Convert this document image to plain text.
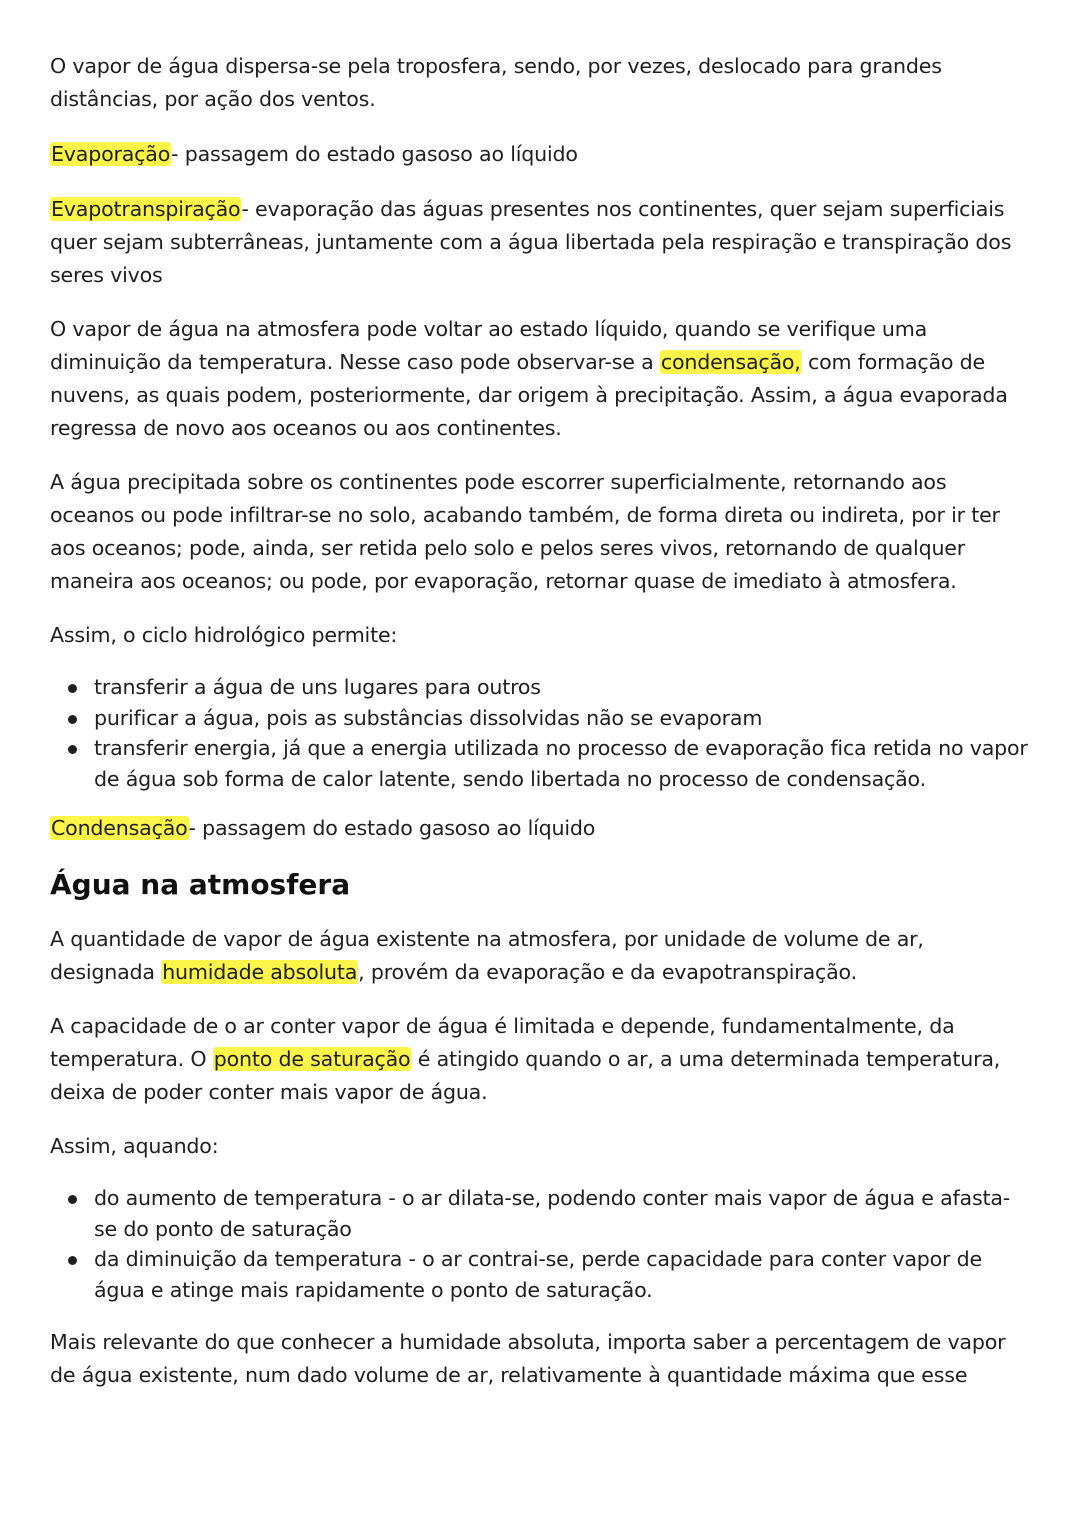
O vapor de água dispersa-se pela troposfera, sendo, por vezes, deslocado para grandes distâncias, por ação dos ventos.

Evaporação- passagem do estado gasoso ao líquido

Evapotranspiração- evaporação das águas presentes nos continentes, quer sejam superficiais quer sejam subterrâneas, juntamente com a água libertada pela respiração e transpiração dos seres vivos

O vapor de água na atmosfera pode voltar ao estado líquido, quando se verifique uma diminuição da temperatura. Nesse caso pode observar-se a condensação, com formação de nuvens, as quais podem, posteriormente, dar origem à precipitação. Assim, a água evaporada regressa de novo aos oceanos ou aos continentes.

A água precipitada sobre os continentes pode escorrer superficialmente, retornando aos oceanos ou pode infiltrar-se no solo, acabando também, de forma direta ou indireta, por ir ter aos oceanos; pode, ainda, ser retida pelo solo e pelos seres vivos, retornando de qualquer maneira aos oceanos; ou pode, por evaporação, retornar quase de imediato à atmosfera.

Assim, o ciclo hidrológico permite:

transferir a água de uns lugares para outros
purificar a água, pois as substâncias dissolvidas não se evaporam
transferir energia, já que a energia utilizada no processo de evaporação fica retida no vapor de água sob forma de calor latente, sendo libertada no processo de condensação.

Condensação- passagem do estado gasoso ao líquido

Água na atmosfera

A quantidade de vapor de água existente na atmosfera, por unidade de volume de ar, designada humidade absoluta, provém da evaporação e da evapotranspiração.

A capacidade de o ar conter vapor de água é limitada e depende, fundamentalmente, da temperatura. O ponto de saturação é atingido quando o ar, a uma determinada temperatura, deixa de poder conter mais vapor de água.

Assim, aquando:

do aumento de temperatura - o ar dilata-se, podendo conter mais vapor de água e afasta-se do ponto de saturação
da diminuição da temperatura - o ar contrai-se, perde capacidade para conter vapor de água e atinge mais rapidamente o ponto de saturação.

Mais relevante do que conhecer a humidade absoluta, importa saber a percentagem de vapor de água existente, num dado volume de ar, relativamente à quantidade máxima que esse
